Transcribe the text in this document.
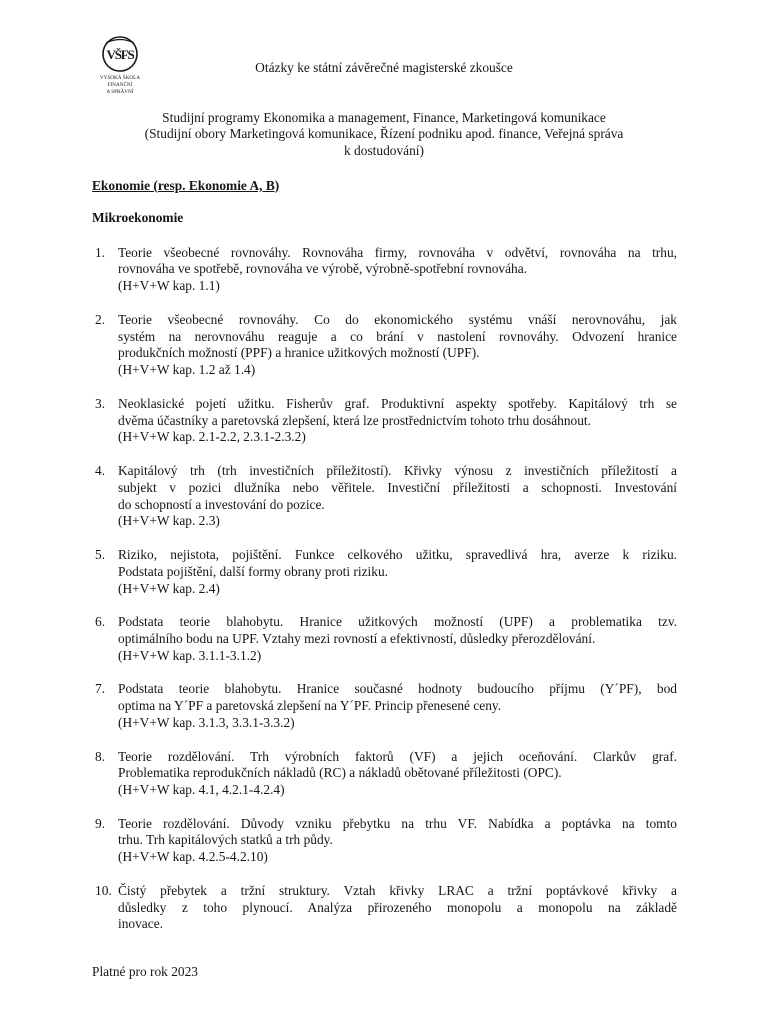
VŠFS
VYSOKÁ ŠKOLA
FINANČNÍ
A SPRÁVNÍ
Otázky ke státní závěrečné magisterské zkoušce
Studijní programy Ekonomika a management, Finance, Marketingová komunikace
(Studijní obory Marketingová komunikace, Řízení podniku apod. finance, Veřejná správa
k dostudování)
Ekonomie (resp. Ekonomie A, B)
Mikroekonomie
1. Teorie všeobecné rovnováhy. Rovnováha firmy, rovnováha v odvětví, rovnováha na trhu,
rovnováha ve spotřebě, rovnováha ve výrobě, výrobně-spotřební rovnováha.
(H+V+W kap. 1.1)
2. Teorie všeobecné rovnováhy. Co do ekonomického systému vnáší nerovnováhu, jak
systém na nerovnováhu reaguje a co brání v nastolení rovnováhy. Odvození hranice
produkčních možností (PPF) a hranice užitkových možností (UPF).
(H+V+W kap. 1.2 až 1.4)
3. Neoklasické pojetí užitku. Fisherův graf. Produktivní aspekty spotřeby. Kapitálový trh se
dvěma účastníky a paretovská zlepšení, která lze prostřednictvím tohoto trhu dosáhnout.
(H+V+W kap. 2.1-2.2, 2.3.1-2.3.2)
4. Kapitálový trh (trh investičních příležitostí). Křivky výnosu z investičních příležitostí a
subjekt v pozici dlužníka nebo věřitele. Investiční příležitosti a schopnosti. Investování
do schopností a investování do pozice.
(H+V+W kap. 2.3)
5. Riziko, nejistota, pojištění. Funkce celkového užitku, spravedlivá hra, averze k riziku.
Podstata pojištění, další formy obrany proti riziku.
(H+V+W kap. 2.4)
6. Podstata teorie blahobytu. Hranice užitkových možností (UPF) a problematika tzv.
optimálního bodu na UPF. Vztahy mezi rovností a efektivností, důsledky přerozdělování.
(H+V+W kap. 3.1.1-3.1.2)
7. Podstata teorie blahobytu. Hranice současné hodnoty budoucího příjmu (Y´PF), bod
optima na Y´PF a paretovská zlepšení na Y´PF. Princip přenesené ceny.
(H+V+W kap. 3.1.3, 3.3.1-3.3.2)
8. Teorie rozdělování. Trh výrobních faktorů (VF) a jejich oceňování. Clarkův graf.
Problematika reprodukčních nákladů (RC) a nákladů obětované příležitosti (OPC).
(H+V+W kap. 4.1, 4.2.1-4.2.4)
9. Teorie rozdělování. Důvody vzniku přebytku na trhu VF. Nabídka a poptávka na tomto
trhu. Trh kapitálových statků a trh půdy.
(H+V+W kap. 4.2.5-4.2.10)
10. Čistý přebytek a tržní struktury. Vztah křivky LRAC a tržní poptávkové křivky a
důsledky z toho plynoucí. Analýza přirozeného monopolu a monopolu na základě
inovace.
Platné pro rok 2023
